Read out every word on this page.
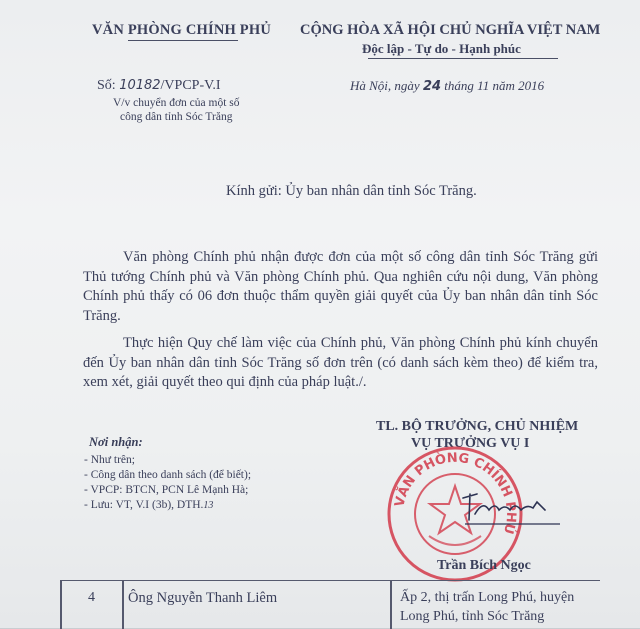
VĂN PHÒNG CHÍNH PHỦ CỘNG HÒA XÃ HỘI CHỦ NGHĨA VIỆT NAM
Độc lập - Tự do - Hạnh phúc
Số: 10182/VPCP-V.I
V/v chuyển đơn của một số
công dân tỉnh Sóc Trăng
Hà Nội, ngày 24 tháng 11 năm 2016
Kính gửi: Ủy ban nhân dân tỉnh Sóc Trăng.
Văn phòng Chính phủ nhận được đơn của một số công dân tỉnh Sóc Trăng gửi Thủ tướng Chính phủ và Văn phòng Chính phủ. Qua nghiên cứu nội dung, Văn phòng Chính phủ thấy có 06 đơn thuộc thẩm quyền giải quyết của Ủy ban nhân dân tỉnh Sóc Trăng.
Thực hiện Quy chế làm việc của Chính phủ, Văn phòng Chính phủ kính chuyển đến Ủy ban nhân dân tỉnh Sóc Trăng số đơn trên (có danh sách kèm theo) để kiểm tra, xem xét, giải quyết theo qui định của pháp luật./.
TL. BỘ TRƯỞNG, CHỦ NHIỆM
VỤ TRƯỞNG VỤ I
VĂN PHÒNG CHÍNH PHỦ
Trần Bích Ngọc
Nơi nhận:
- Như trên;
- Công dân theo danh sách (để biết);
- VPCP: BTCN, PCN Lê Mạnh Hà;
- Lưu: VT, V.I (3b), DTH.13
4 Ông Nguyễn Thanh Liêm	Ấp 2, thị trấn Long Phú, huyện
Long Phú, tỉnh Sóc Trăng
